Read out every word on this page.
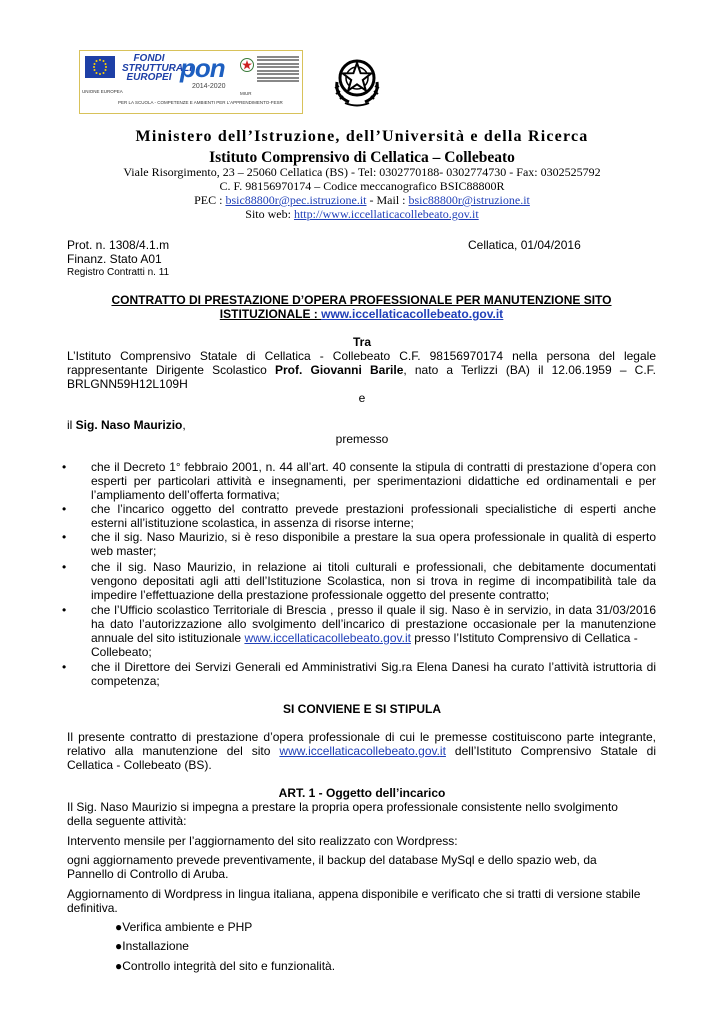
UNIONE EUROPEA
FONDI
STRUTTURALI
EUROPEI pon
2014-2020
MIUR
PER LA SCUOLA - COMPETENZE E AMBIENTI PER L'APPRENDIMENTO-FESR
Ministero dell’Istruzione, dell’Università e della Ricerca
Istituto Comprensivo di Cellatica – Collebeato
Viale Risorgimento, 23 – 25060 Cellatica (BS) - Tel: 0302770188- 0302774730 - Fax: 0302525792
C. F. 98156970174 – Codice meccanografico BSIC88800R
PEC : bsic88800r@pec.istruzione.it - Mail : bsic88800r@istruzione.it
Sito web: http://www.iccellaticacollebeato.gov.it
Prot. n. 1308/4.1.m	Cellatica, 01/04/2016
Finanz. Stato A01
Registro Contratti n. 11
CONTRATTO DI PRESTAZIONE D’OPERA PROFESSIONALE PER MANUTENZIONE SITO
ISTITUZIONALE : www.iccellaticacollebeato.gov.it
Tra
L’Istituto Comprensivo Statale di Cellatica - Collebeato C.F. 98156970174 nella persona del legale
rappresentante Dirigente Scolastico Prof. Giovanni Barile, nato a Terlizzi (BA) il 12.06.1959 – C.F.
BRLGNN59H12L109H
e
il Sig. Naso Maurizio,
premesso
• che il Decreto 1° febbraio 2001, n. 44 all’art. 40 consente la stipula di contratti di prestazione d’opera con
esperti per particolari attività e insegnamenti, per sperimentazioni didattiche ed ordinamentali e per
l’ampliamento dell’offerta formativa;
• che l’incarico oggetto del contratto prevede prestazioni professionali specialistiche di esperti anche
esterni all’istituzione scolastica, in assenza di risorse interne;
• che il sig. Naso Maurizio, si è reso disponibile a prestare la sua opera professionale in qualità di esperto
web master;
• che il sig. Naso Maurizio, in relazione ai titoli culturali e professionali, che debitamente documentati
vengono depositati agli atti dell’Istituzione Scolastica, non si trova in regime di incompatibilità tale da
impedire l’effettuazione della prestazione professionale oggetto del presente contratto;
• che l’Ufficio scolastico Territoriale di Brescia , presso il quale il sig. Naso è in servizio, in data 31/03/2016
ha dato l’autorizzazione allo svolgimento dell’incarico di prestazione occasionale per la manutenzione
annuale del sito istituzionale www.iccellaticacollebeato.gov.it presso l’Istituto Comprensivo di Cellatica -
Collebeato;
• che il Direttore dei Servizi Generali ed Amministrativi Sig.ra Elena Danesi ha curato l’attività istruttoria di
competenza;
SI CONVIENE E SI STIPULA
Il presente contratto di prestazione d’opera professionale di cui le premesse costituiscono parte integrante,
relativo alla manutenzione del sito www.iccellaticacollebeato.gov.it dell’Istituto Comprensivo Statale di
Cellatica - Collebeato (BS).
ART. 1 - Oggetto dell’incarico
Il Sig. Naso Maurizio si impegna a prestare la propria opera professionale consistente nello svolgimento
della seguente attività:
Intervento mensile per l’aggiornamento del sito realizzato con Wordpress:
ogni aggiornamento prevede preventivamente, il backup del database MySql e dello spazio web, da
Pannello di Controllo di Aruba.
Aggiornamento di Wordpress in lingua italiana, appena disponibile e verificato che si tratti di versione stabile
definitiva.
●Verifica ambiente e PHP
●Installazione
●Controllo integrità del sito e funzionalità.
